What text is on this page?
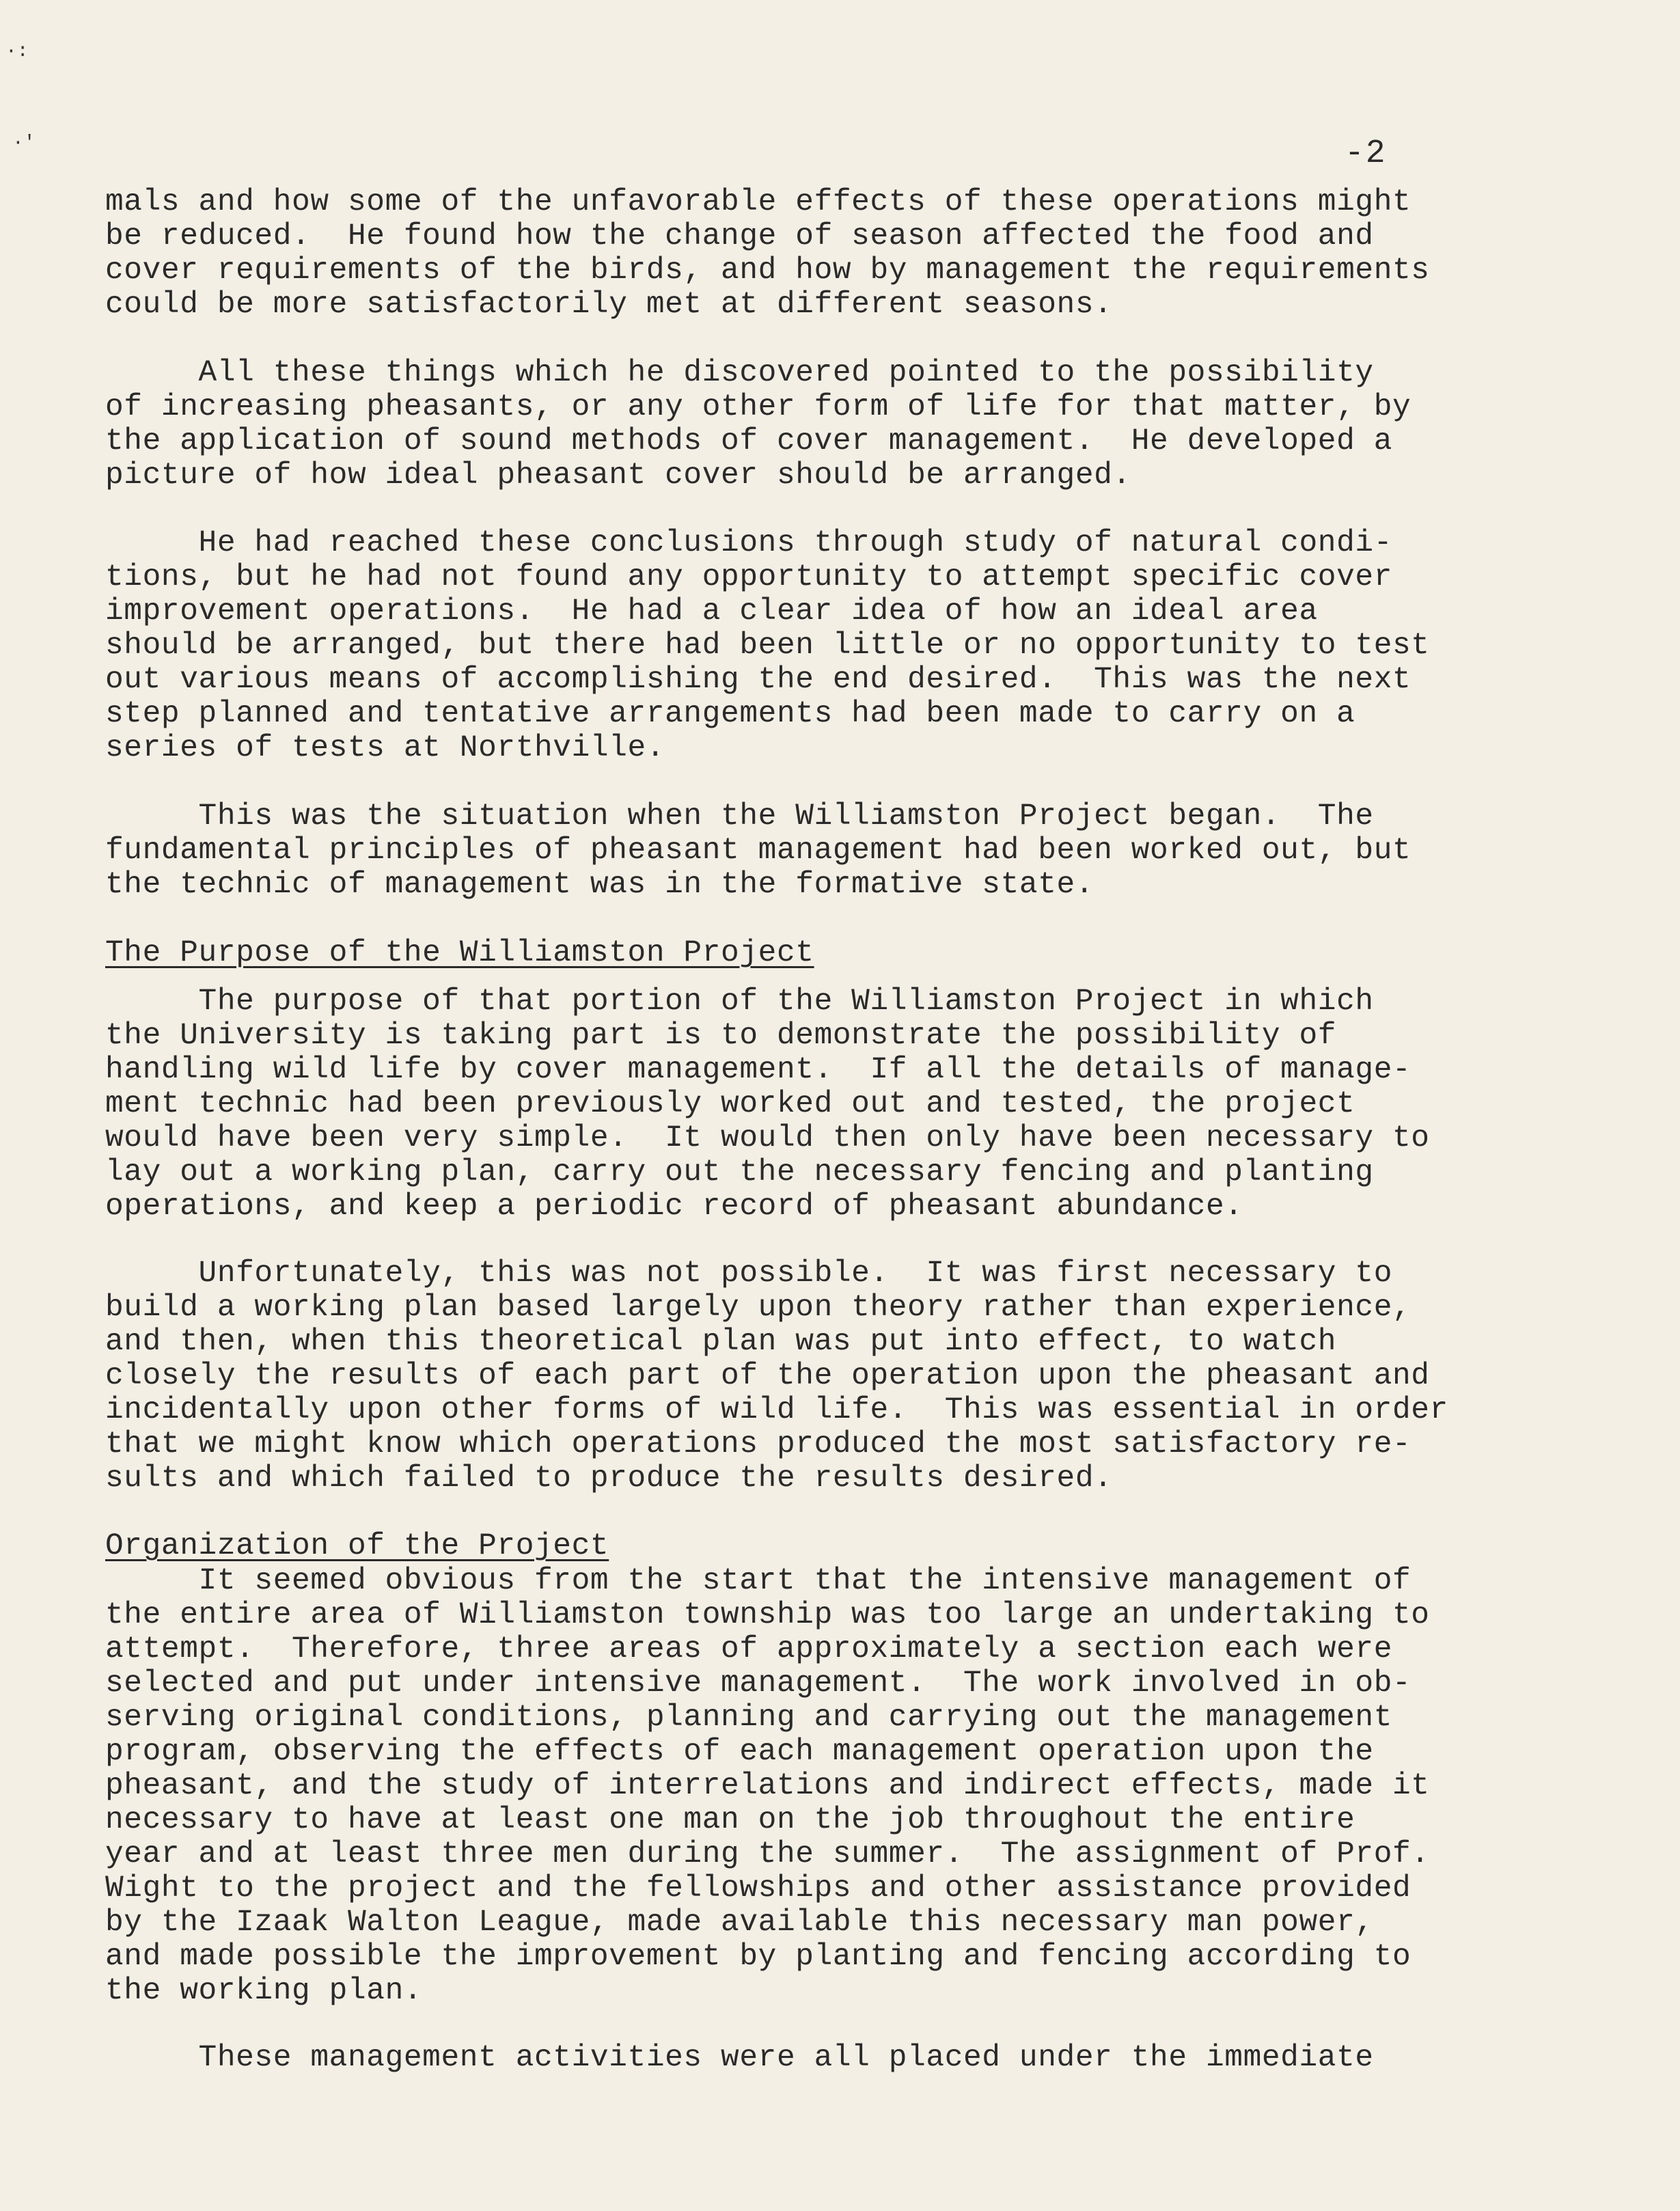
·:
·'	-2
mals and how some of the unfavorable effects of these operations might
be reduced.  He found how the change of season affected the food and
cover requirements of the birds, and how by management the requirements
could be more satisfactorily met at different seasons.
All these things which he discovered pointed to the possibility
of increasing pheasants, or any other form of life for that matter, by
the application of sound methods of cover management.  He developed a
picture of how ideal pheasant cover should be arranged.
He had reached these conclusions through study of natural condi-
tions, but he had not found any opportunity to attempt specific cover
improvement operations.  He had a clear idea of how an ideal area
should be arranged, but there had been little or no opportunity to test
out various means of accomplishing the end desired.  This was the next
step planned and tentative arrangements had been made to carry on a
series of tests at Northville.
This was the situation when the Williamston Project began.  The
fundamental principles of pheasant management had been worked out, but
the technic of management was in the formative state.
The Purpose of the Williamston Project
The purpose of that portion of the Williamston Project in which
the University is taking part is to demonstrate the possibility of
handling wild life by cover management.  If all the details of manage-
ment technic had been previously worked out and tested, the project
would have been very simple.  It would then only have been necessary to
lay out a working plan, carry out the necessary fencing and planting
operations, and keep a periodic record of pheasant abundance.
Unfortunately, this was not possible.  It was first necessary to
build a working plan based largely upon theory rather than experience,
and then, when this theoretical plan was put into effect, to watch
closely the results of each part of the operation upon the pheasant and
incidentally upon other forms of wild life.  This was essential in order
that we might know which operations produced the most satisfactory re-
sults and which failed to produce the results desired.
Organization of the Project
It seemed obvious from the start that the intensive management of
the entire area of Williamston township was too large an undertaking to
attempt.  Therefore, three areas of approximately a section each were
selected and put under intensive management.  The work involved in ob-
serving original conditions, planning and carrying out the management
program, observing the effects of each management operation upon the
pheasant, and the study of interrelations and indirect effects, made it
necessary to have at least one man on the job throughout the entire
year and at least three men during the summer.  The assignment of Prof.
Wight to the project and the fellowships and other assistance provided
by the Izaak Walton League, made available this necessary man power,
and made possible the improvement by planting and fencing according to
the working plan.
These management activities were all placed under the immediate
